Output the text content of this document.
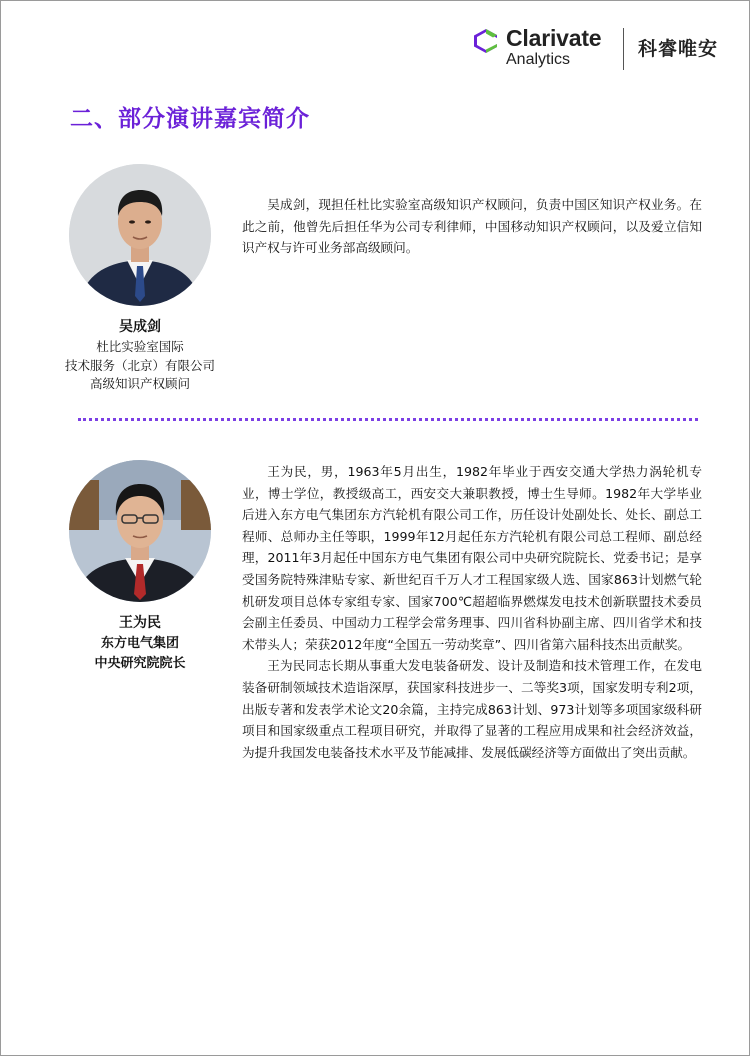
Clarivate
Analytics	科睿唯安
二、部分演讲嘉宾简介
吴成剑
杜比实验室国际
技术服务（北京）有限公司
高级知识产权顾问

吴成剑，现担任杜比实验室高级知识产权顾问，负责中国区知识产权业务。在此之前，他曾先后担任华为公司专利律师，中国移动知识产权顾问，以及爱立信知识产权与许可业务部高级顾问。

王为民
东方电气集团
中央研究院院长

王为民，男，1963年5月出生，1982年毕业于西安交通大学热力涡轮机专业，博士学位，教授级高工，西安交大兼职教授，博士生导师。1982年大学毕业后进入东方电气集团东方汽轮机有限公司工作，历任设计处副处长、处长、副总工程师、总师办主任等职，1999年12月起任东方汽轮机有限公司总工程师、副总经理，2011年3月起任中国东方电气集团有限公司中央研究院院长、党委书记；是享受国务院特殊津贴专家、新世纪百千万人才工程国家级人选、国家863计划燃气轮机研发项目总体专家组专家、国家700℃超超临界燃煤发电技术创新联盟技术委员会副主任委员、中国动力工程学会常务理事、四川省科协副主席、四川省学术和技术带头人；荣获2012年度“全国五一劳动奖章”、四川省第六届科技杰出贡献奖。

王为民同志长期从事重大发电装备研发、设计及制造和技术管理工作，在发电装备研制领域技术造诣深厚，获国家科技进步一、二等奖3项，国家发明专利2项，出版专著和发表学术论文20余篇，主持完成863计划、973计划等多项国家级科研项目和国家级重点工程项目研究，并取得了显著的工程应用成果和社会经济效益，为提升我国发电装备技术水平及节能减排、发展低碳经济等方面做出了突出贡献。
